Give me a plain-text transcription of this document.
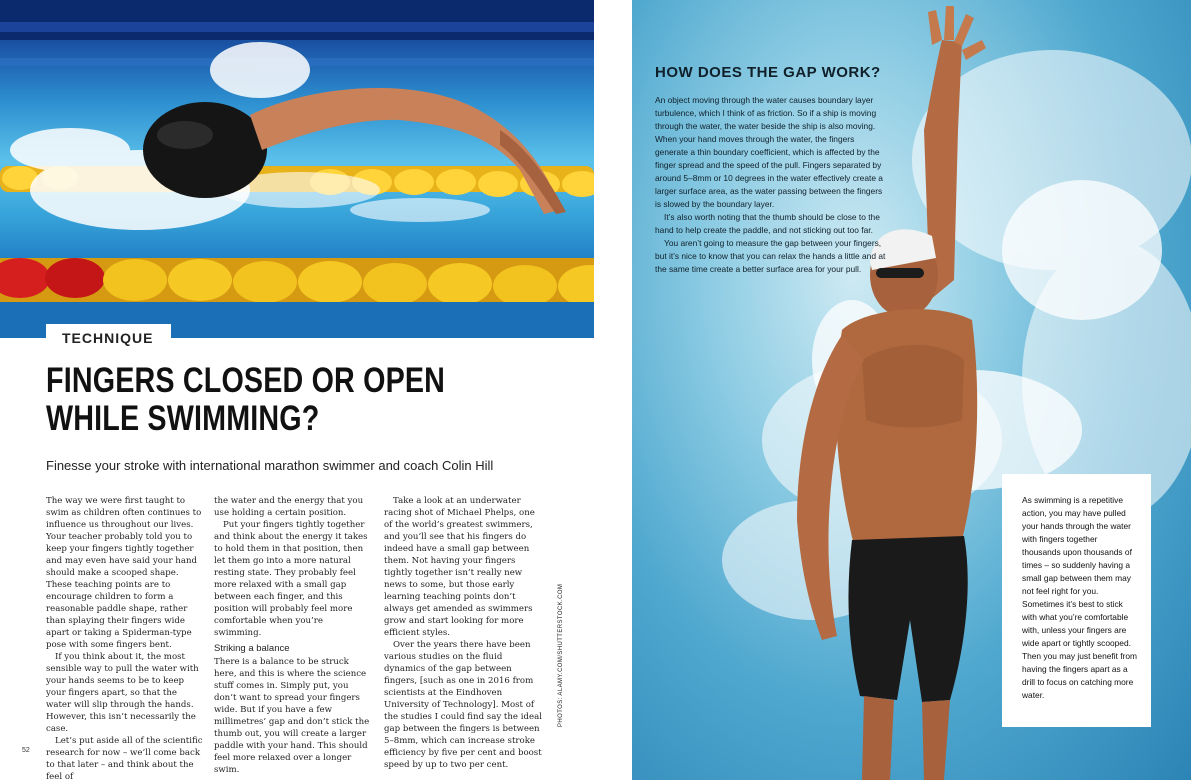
TECHNIQUE
FINGERS CLOSED OR OPEN
WHILE SWIMMING?

Finesse your stroke with international marathon swimmer and coach Colin Hill

The way we were first taught to swim as children often continues to influence us throughout our lives. Your teacher probably told you to keep your fingers tightly together and may even have said your hand should make a scooped shape. These teaching points are to encourage children to form a reasonable paddle shape, rather than splaying their fingers wide apart or taking a Spiderman-type pose with some fingers bent.

If you think about it, the most sensible way to pull the water with your hands seems to be to keep your fingers apart, so that the water will slip through the hands. However, this isn’t necessarily the case.

Let’s put aside all of the scientific research for now – we’ll come back to that later – and think about the feel of

the water and the energy that you use holding a certain position.

Put your fingers tightly together and think about the energy it takes to hold them in that position, then let them go into a more natural resting state. They probably feel more relaxed with a small gap between each finger, and this position will probably feel more comfortable when you’re swimming.

Striking a balance

There is a balance to be struck here, and this is where the science stuff comes in. Simply put, you don’t want to spread your fingers wide. But if you have a few millimetres’ gap and don’t stick the thumb out, you will create a larger paddle with your hand. This should feel more relaxed over a longer swim.

Take a look at an underwater racing shot of Michael Phelps, one of the world’s greatest swimmers, and you’ll see that his fingers do indeed have a small gap between them. Not having your fingers tightly together isn’t really new news to some, but those early learning teaching points don’t always get amended as swimmers grow and start looking for more efficient styles.

Over the years there have been various studies on the fluid dynamics of the gap between fingers, [such as one in 2016 from scientists at the Eindhoven University of Technology]. Most of the studies I could find say the ideal gap between the fingers is between 5–8mm, which can increase stroke efficiency by five per cent and boost speed by up to two per cent.

52
PHOTOS: ALAMY.COM/SHUTTERSTOCK.COM
HOW DOES THE GAP WORK?

An object moving through the water causes boundary layer turbulence, which I think of as friction. So if a ship is moving through the water, the water beside the ship is also moving. When your hand moves through the water, the fingers generate a thin boundary coefficient, which is affected by the finger spread and the speed of the pull. Fingers separated by around 5–8mm or 10 degrees in the water effectively create a larger surface area, as the water passing between the fingers is slowed by the boundary layer.

It’s also worth noting that the thumb should be close to the hand to help create the paddle, and not sticking out too far.

You aren’t going to measure the gap between your fingers, but it’s nice to know that you can relax the hands a little and at the same time create a better surface area for your pull.

As swimming is a repetitive action, you may have pulled your hands through the water with fingers together thousands upon thousands of times – so suddenly having a small gap between them may not feel right for you. Sometimes it’s best to stick with what you’re comfortable with, unless your fingers are wide apart or tightly scooped. Then you may just benefit from having the fingers apart as a drill to focus on catching more water.
